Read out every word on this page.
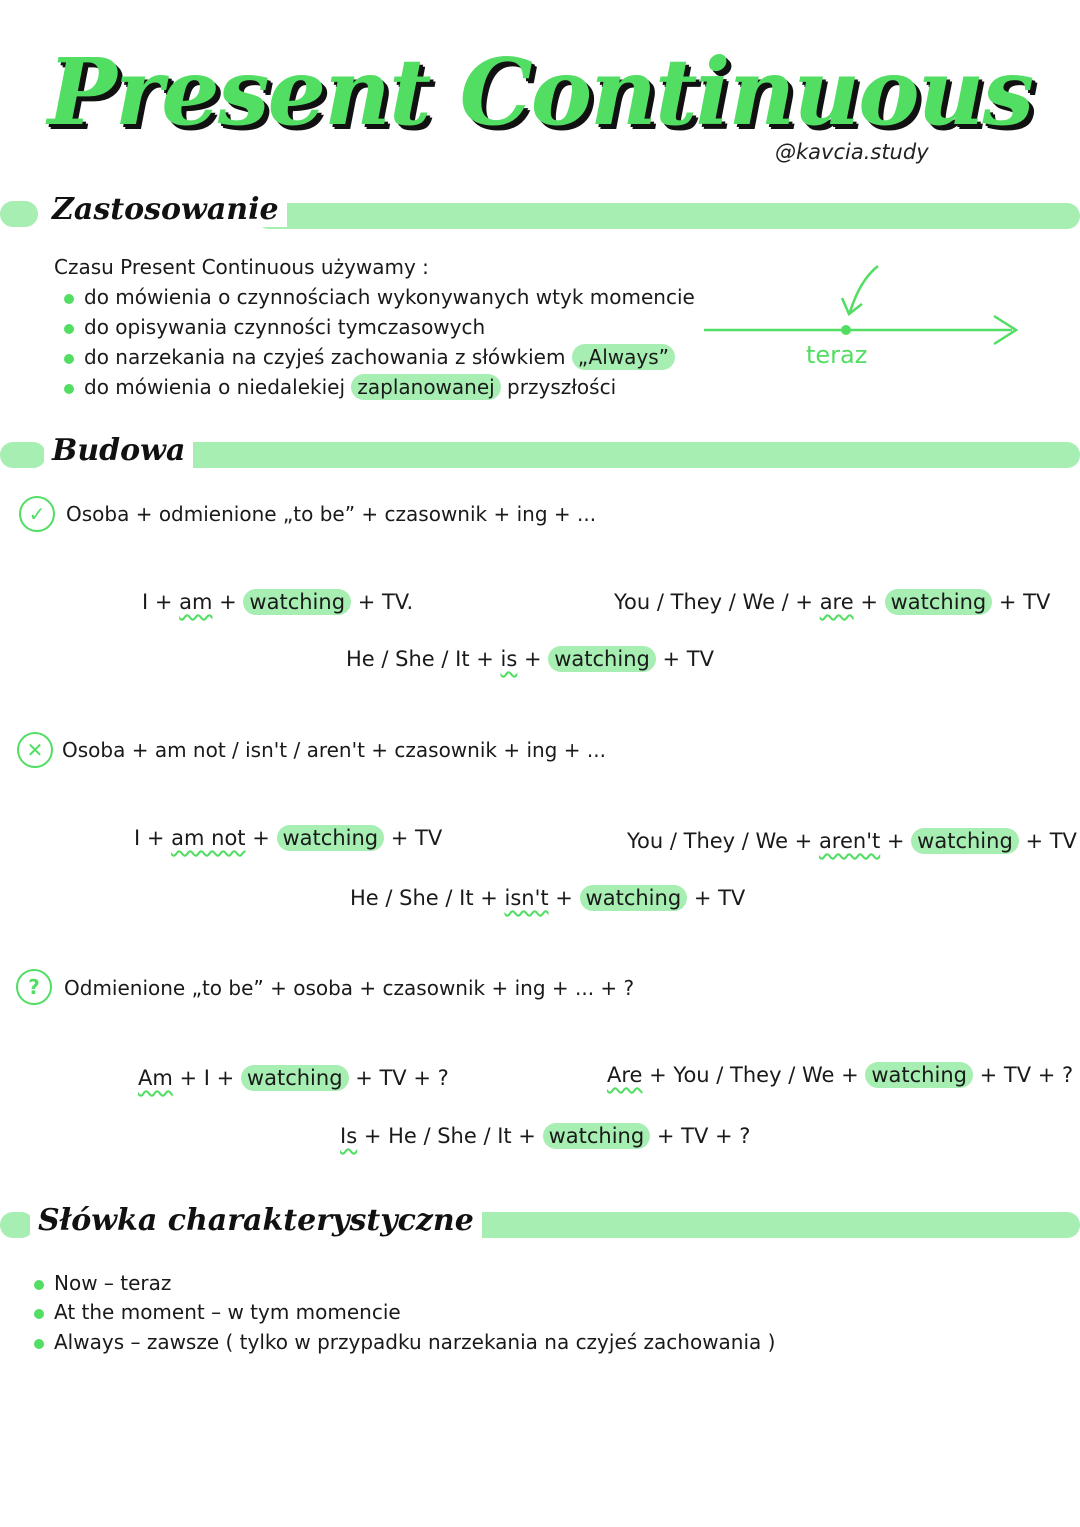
Present Continuous
@kavcia.study
Zastosowanie
Czasu Present Continuous używamy :
do mówienia o czynnościach wykonywanych wtyk momencie
do opisywania czynności tymczasowych
do narzekania na czyjeś zachowania z słówkiem „Always”
do mówienia o niedalekiej zaplanowanej przyszłości
teraz
Budowa
✓	Osoba + odmienione „to be” + czasownik + ing + ...
I + am + watching + TV.	You / They / We / + are + watching + TV
He / She / It + is + watching + TV
✕ Osoba + am not / isn't / aren't + czasownik + ing + ...
I + am not + watching + TV	You / They / We + aren't + watching + TV
He / She / It + isn't + watching + TV
?	Odmienione „to be” + osoba + czasownik + ing + ... + ?
Am + I + watching + TV + ?	Are + You / They / We + watching + TV + ?
Is + He / She / It + watching + TV + ?
Słówka charakterystyczne
Now – teraz
At the moment – w tym momencie
Always – zawsze ( tylko w przypadku narzekania na czyjeś zachowania )
